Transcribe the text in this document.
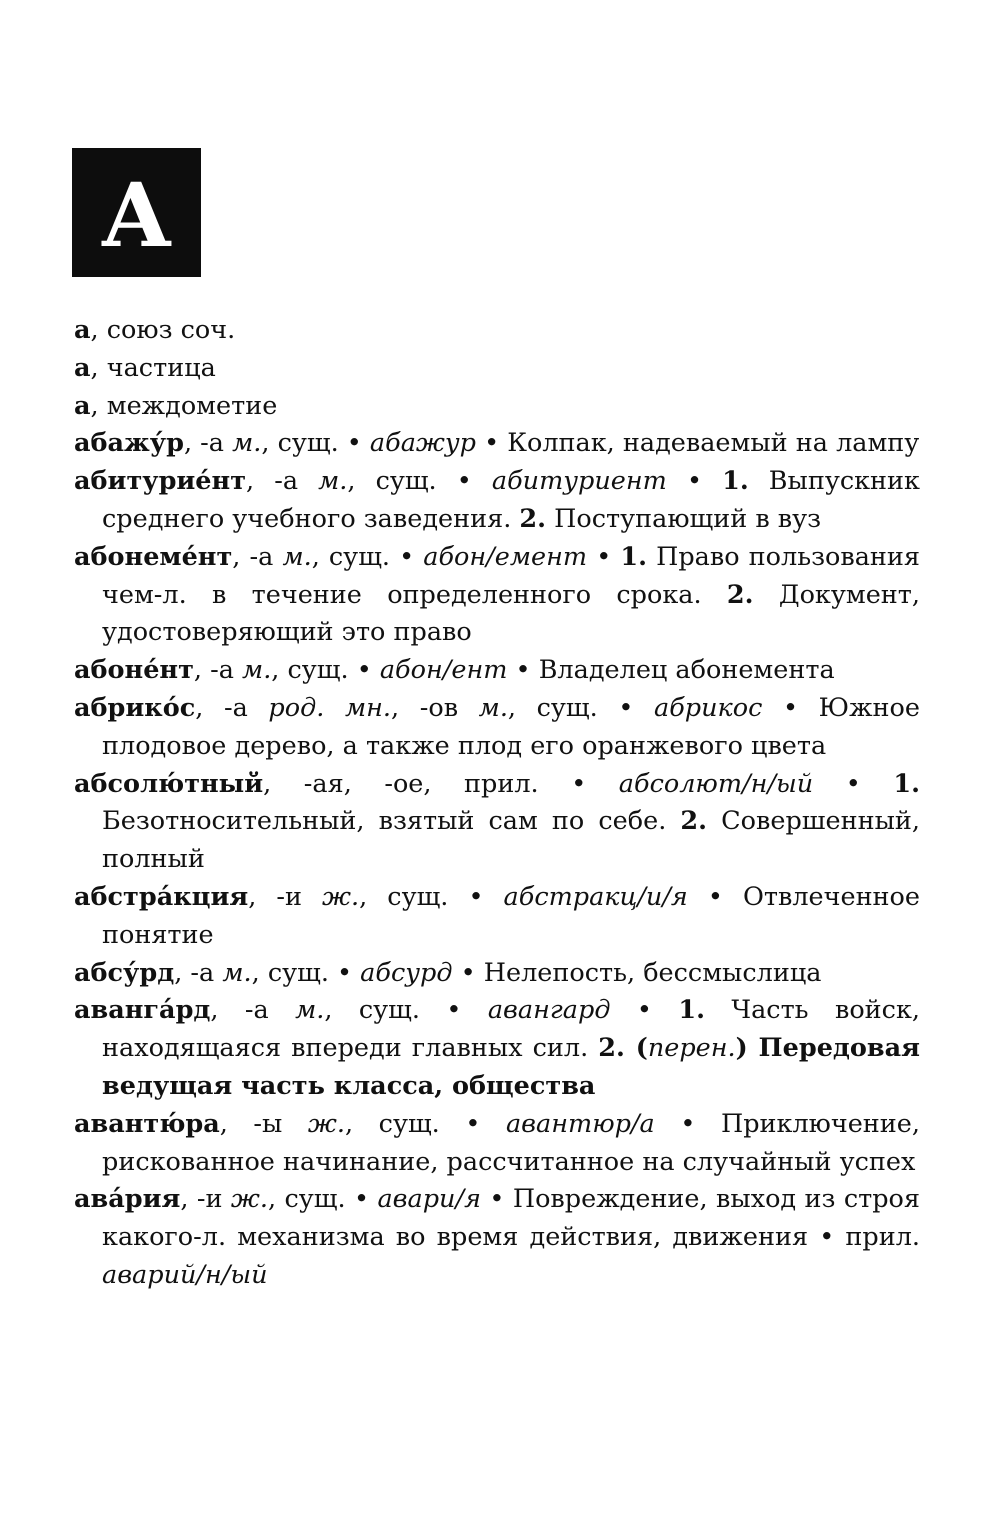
А
а, союз соч.
а, частица
а, междометие
абажу́р, -а м., сущ. • абажур • Колпак, надеваемый на лампу
абитурие́нт, -а м., сущ. • абитуриент • 1. Выпускник среднего учебного заведения. 2. Поступающий в вуз
абонеме́нт, -а м., сущ. • абон/емент • 1. Право пользования чем-л. в течение определенного срока. 2. Документ, удостоверяющий это право
абоне́нт, -а м., сущ. • абон/ент • Владелец абонемента
абрико́с, -а род. мн., -ов м., сущ. • абрикос • Южное плодовое дерево, а также плод его оранжевого цвета
абсолю́тный, -ая, -ое, прил. • абсолют/н/ый • 1. Безотносительный, взятый сам по себе. 2. Совершенный, полный
абстра́кция, -и ж., сущ. • абстракц/и/я • Отвлеченное понятие
абсу́рд, -а м., сущ. • абсурд • Нелепость, бессмыслица
аванга́рд, -а м., сущ. • авангард • 1. Часть войск, находящаяся впереди главных сил. 2. (перен.) Передовая ведущая часть класса, общества
авантю́ра, -ы ж., сущ. • авантюр/а • Приключение, рискованное начинание, рассчитанное на случайный успех
ава́рия, -и ж., сущ. • авари/я • Повреждение, выход из строя какого-л. механизма во время действия, движения • прил. аварий/н/ый
